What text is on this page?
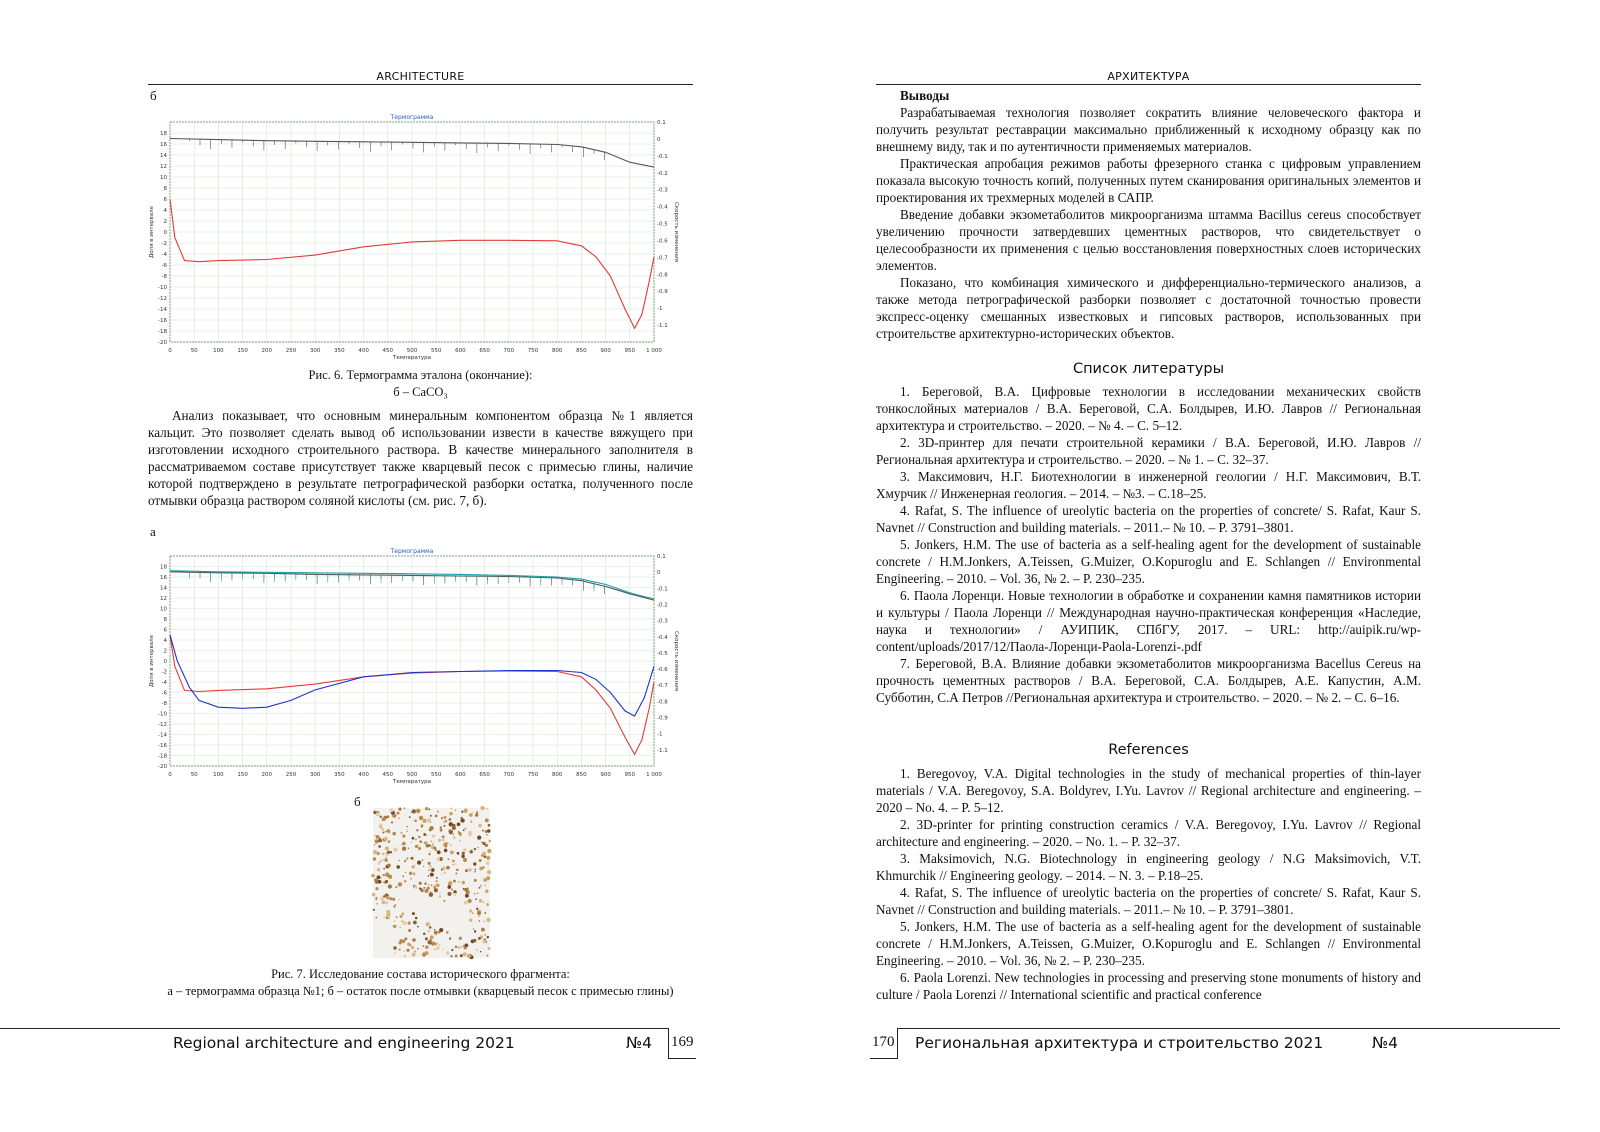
ARCHITECTURE
б
0	50	100 150 200 250 300 350 400 450 500 550 600 650 700 750 800 850 900 950 1 000
18
16
14
12
10
8
6
4
2
0
-2
-4
-6
-8
-10
-12
-14
-16
-18
-20
0.1
0
-0.1
-0.2
-0.3
-0.4
-0.5
-0.6
-0.7
-0.8
-0.9
-1
-1.1
Термограмма
Температура
Доля в интервале	Скорость изменения
Рис. 6. Термограмма эталона (окончание):
б – CaCO₃

Анализ показывает, что основным минеральным компонентом образца №1 является кальцит. Это позволяет сделать вывод об использовании извести в качестве вяжущего при изготовлении исходного строительного раствора. В качестве минерального заполнителя в рассматриваемом составе присутствует также кварцевый песок с примесью глины, наличие которой подтверждено в результате петрографической разборки остатка, полученного после отмывки образца раствором соляной кислоты (см. рис. 7, б).

а
0	50	100 150 200 250 300 350 400 450 500 550 600 650 700 750 800 850 900 950 1 000
18
16
14
12
10
8
6
4
2
0
-2
-4
-6
-8
-10
-12
-14
-16
-18
-20
0.1
0
-0.1
-0.2
-0.3
-0.4
-0.5
-0.6
-0.7
-0.8
-0.9
-1
-1.1
Термограмма
Температура
Доля в интервале	Скорость изменения
б
Рис. 7. Исследование состава исторического фрагмента:
а – термограмма образца №1; б – остаток после отмывки (кварцевый песок с примесью глины)
Regional architecture and engineering 2021	№4 169
АРХИТЕКТУРА

Выводы

Разрабатываемая технология позволяет сократить влияние человеческого фактора и получить результат реставрации максимально приближенный к исходному образцу как по внешнему виду, так и по аутентичности применяемых материалов.

Практическая апробация режимов работы фрезерного станка с цифровым управлением показала высокую точность копий, полученных путем сканирования оригинальных элементов и проектирования их трехмерных моделей в САПР.

Введение добавки экзометаболитов микроорганизма штамма Bacillus cereus способствует увеличению прочности затвердевших цементных растворов, что свидетельствует о целесообразности их применения с целью восстановления поверхностных слоев исторических элементов.

Показано, что комбинация химического и дифференциально-термического анализов, а также метода петрографической разборки позволяет с достаточной точностью провести экспресс-оценку смешанных известковых и гипсовых растворов, использованных при строительстве архитектурно-исторических объектов.

Список литературы

1. Береговой, В.А. Цифровые технологии в исследовании механических свойств тонкослойных материалов / В.А. Береговой, С.А. Болдырев, И.Ю. Лавров // Региональная архитектура и строительство. – 2020. – № 4. – С. 5–12.

2. 3D-принтер для печати строительной керамики / В.А. Береговой, И.Ю. Лавров // Региональная архитектура и строительство. – 2020. – № 1. – С. 32–37.

3. Максимович, Н.Г. Биотехнологии в инженерной геологии / Н.Г. Максимович, В.Т. Хмурчик // Инженерная геология. – 2014. – №3. – С.18–25.

4. Rafat, S. The influence of ureolytic bacteria on the properties of concrete/ S. Rafat, Kaur S. Navnet // Construction and building materials. – 2011.– № 10. – P. 3791–3801.

5. Jonkers, H.M. The use of bacteria as a self-healing agent for the development of sustainable concrete / H.M.Jonkers, A.Teissen, G.Muizer, O.Kopuroglu and E. Schlangen // Environmental Engineering. – 2010. – Vol. 36, № 2. – P. 230–235.

6. Паола Лоренци. Новые технологии в обработке и сохранении камня памятников истории и культуры / Паола Лоренци // Международная научно-практическая конференция «Наследие, наука и технологии» / АУИПИК, СПбГУ, 2017. – URL: http://auipik.ru/wp-content/uploads/2017/12/Паола-Лоренци-Paola-Lorenzi-.pdf

7. Береговой, В.А. Влияние добавки экзометаболитов микроорганизма Bacellus Cereus на прочность цементных растворов / В.А. Береговой, С.А. Болдырев, А.Е. Капустин, А.М. Субботин, С.А Петров //Региональная архитектура и строительство. – 2020. – № 2. – С. 6–16.

References

1. Beregovoy, V.A. Digital technologies in the study of mechanical properties of thin-layer materials / V.A. Beregovoy, S.A. Boldyrev, I.Yu. Lavrov // Regional architecture and engineering. – 2020 – No. 4. – P. 5–12.

2. 3D-printer for printing construction ceramics / V.A. Beregovoy, I.Yu. Lavrov // Regional architecture and engineering. – 2020. – No. 1. – P. 32–37.

3. Maksimovich, N.G. Biotechnology in engineering geology / N.G Maksimovich, V.T. Khmurchik // Engineering geology. – 2014. – N. 3. – P.18–25.

4. Rafat, S. The influence of ureolytic bacteria on the properties of concrete/ S. Rafat, Kaur S. Navnet // Construction and building materials. – 2011.– № 10. – P. 3791–3801.

5. Jonkers, H.M. The use of bacteria as a self-healing agent for the development of sustainable concrete / H.M.Jonkers, A.Teissen, G.Muizer, O.Kopuroglu and E. Schlangen // Environmental Engineering. – 2010. – Vol. 36, № 2. – P. 230–235.

6. Paola Lorenzi. New technologies in processing and preserving stone monuments of history and culture / Paola Lorenzi // International scientific and practical conference

170 Региональная архитектура и строительство 2021	№4
